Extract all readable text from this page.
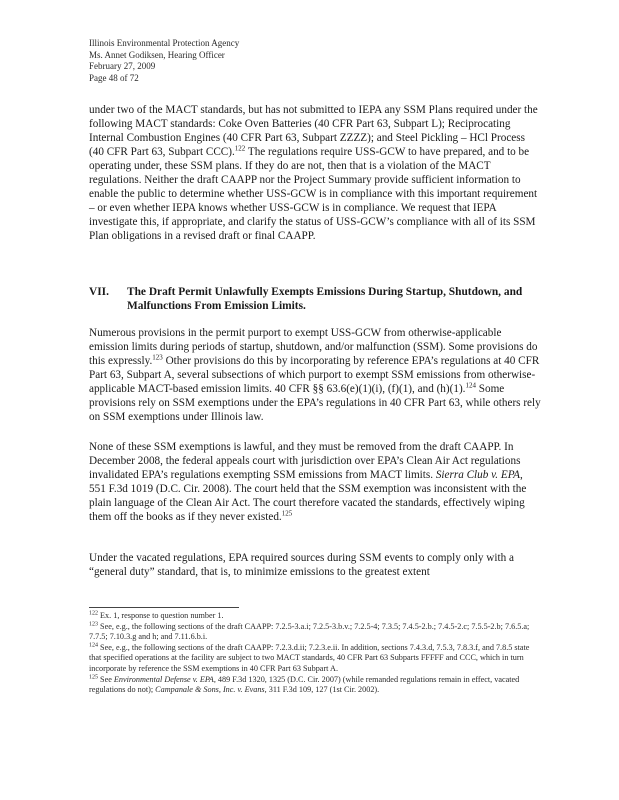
Illinois Environmental Protection Agency
Ms. Annet Godiksen, Hearing Officer
February 27, 2009
Page 48 of 72
under two of the MACT standards, but has not submitted to IEPA any SSM Plans required under the following MACT standards: Coke Oven Batteries (40 CFR Part 63, Subpart L); Reciprocating Internal Combustion Engines (40 CFR Part 63, Subpart ZZZZ); and Steel Pickling – HCl Process (40 CFR Part 63, Subpart CCC).$^{122}$ The regulations require USS-GCW to have prepared, and to be operating under, these SSM plans. If they do are not, then that is a violation of the MACT regulations. Neither the draft CAAPP nor the Project Summary provide sufficient information to enable the public to determine whether USS-GCW is in compliance with this important requirement – or even whether IEPA knows whether USS-GCW is in compliance. We request that IEPA investigate this, if appropriate, and clarify the status of USS-GCW’s compliance with all of its SSM Plan obligations in a revised draft or final CAAPP.
VII. The Draft Permit Unlawfully Exempts Emissions During Startup, Shutdown, and Malfunctions From Emission Limits.
Numerous provisions in the permit purport to exempt USS-GCW from otherwise-applicable emission limits during periods of startup, shutdown, and/or malfunction (SSM). Some provisions do this expressly.$^{123}$ Other provisions do this by incorporating by reference EPA’s regulations at 40 CFR Part 63, Subpart A, several subsections of which purport to exempt SSM emissions from otherwise-applicable MACT-based emission limits. 40 CFR §§ 63.6(e)(1)(i), (f)(1), and (h)(1).$^{124}$ Some provisions rely on SSM exemptions under the EPA’s regulations in 40 CFR Part 63, while others rely on SSM exemptions under Illinois law.
None of these SSM exemptions is lawful, and they must be removed from the draft CAAPP. In December 2008, the federal appeals court with jurisdiction over EPA’s Clean Air Act regulations invalidated EPA’s regulations exempting SSM emissions from MACT limits. Sierra Club v. EPA, 551 F.3d 1019 (D.C. Cir. 2008). The court held that the SSM exemption was inconsistent with the plain language of the Clean Air Act. The court therefore vacated the standards, effectively wiping them off the books as if they never existed.$^{125}$
Under the vacated regulations, EPA required sources during SSM events to comply only with a “general duty” standard, that is, to minimize emissions to the greatest extent
$^{122}$ Ex. 1, response to question number 1.
$^{123}$ See, e.g., the following sections of the draft CAAPP: 7.2.5-3.a.i; 7.2.5-3.b.v.; 7.2.5-4; 7.3.5; 7.4.5-2.b.; 7.4.5-2.c; 7.5.5-2.b; 7.6.5.a; 7.7.5; 7.10.3.g and h; and 7.11.6.b.i.
$^{124}$ See, e.g., the following sections of the draft CAAPP: 7.2.3.d.ii; 7.2.3.e.ii. In addition, sections 7.4.3.d, 7.5.3, 7.8.3.f, and 7.8.5 state that specified operations at the facility are subject to two MACT standards, 40 CFR Part 63 Subparts FFFFF and CCC, which in turn incorporate by reference the SSM exemptions in 40 CFR Part 63 Subpart A.
$^{125}$ See Environmental Defense v. EPA, 489 F.3d 1320, 1325 (D.C. Cir. 2007) (while remanded regulations remain in effect, vacated regulations do not); Campanale & Sons, Inc. v. Evans, 311 F.3d 109, 127 (1st Cir. 2002).
